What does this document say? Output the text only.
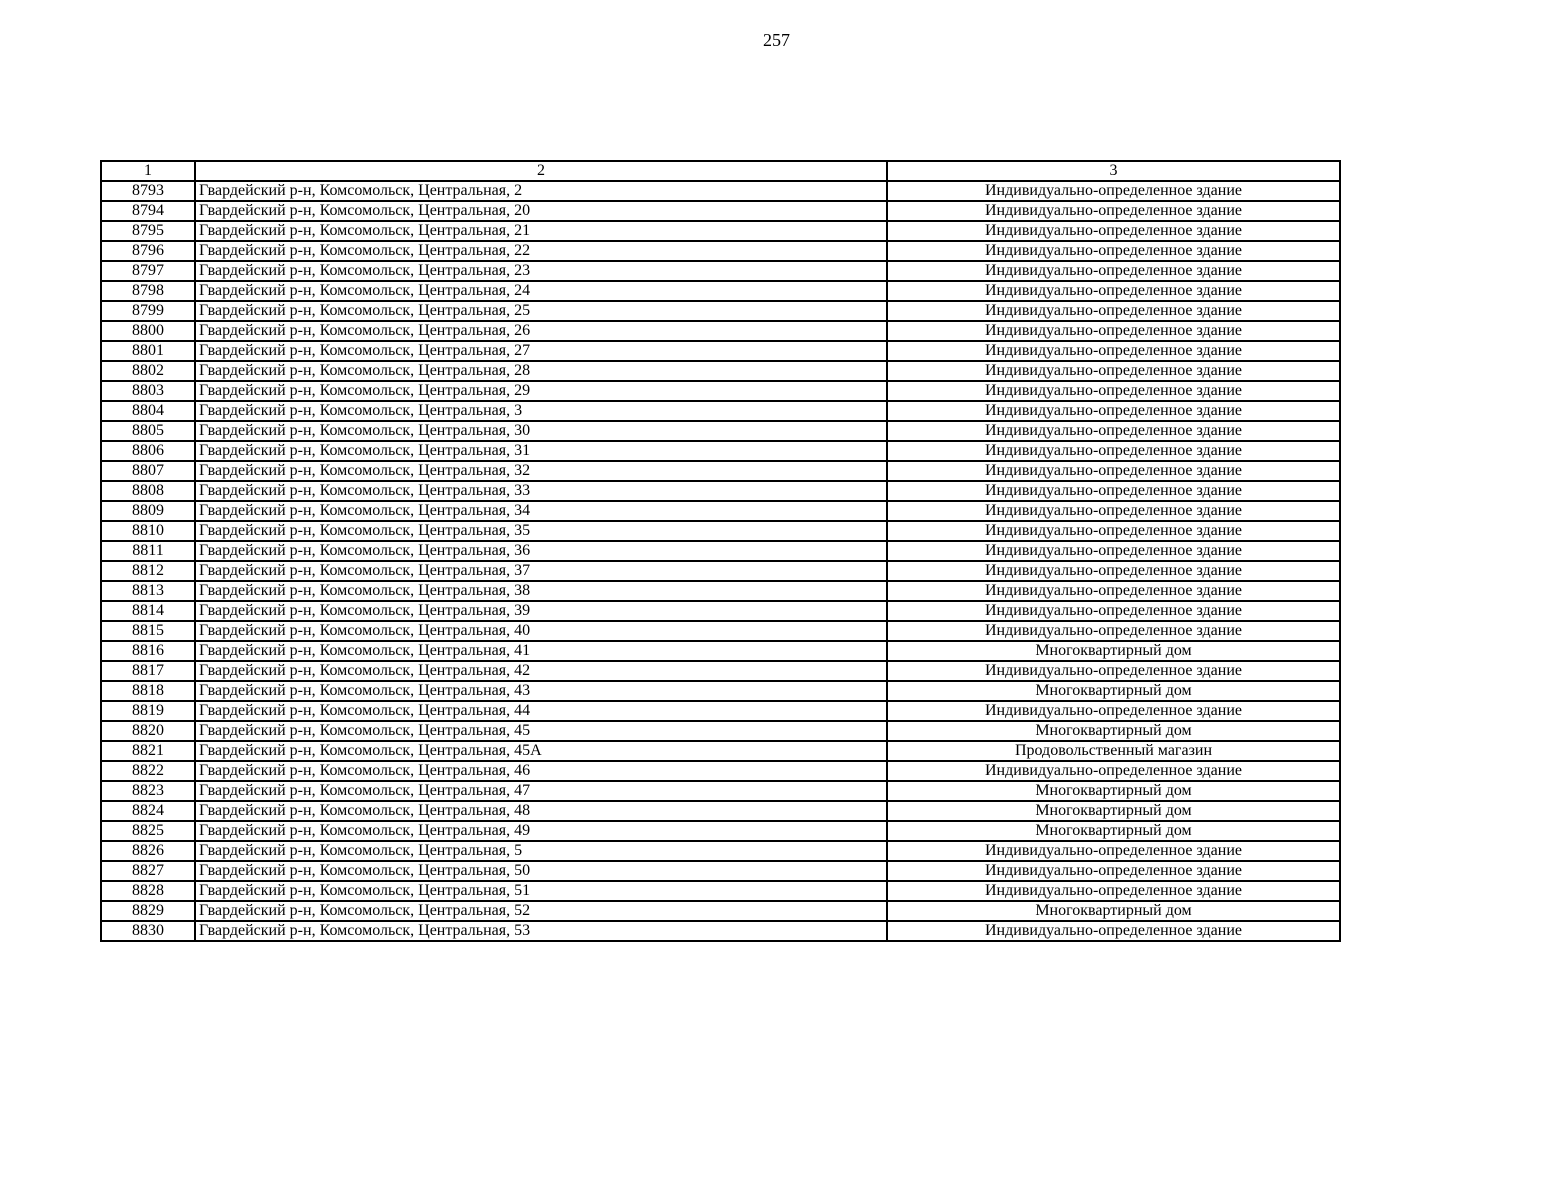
257
1	2	3
8793	Гвардейский р-н, Комсомольск, Центральная, 2	Индивидуально-определенное здание
8794	Гвардейский р-н, Комсомольск, Центральная, 20	Индивидуально-определенное здание
8795	Гвардейский р-н, Комсомольск, Центральная, 21	Индивидуально-определенное здание
8796	Гвардейский р-н, Комсомольск, Центральная, 22	Индивидуально-определенное здание
8797	Гвардейский р-н, Комсомольск, Центральная, 23	Индивидуально-определенное здание
8798	Гвардейский р-н, Комсомольск, Центральная, 24	Индивидуально-определенное здание
8799	Гвардейский р-н, Комсомольск, Центральная, 25	Индивидуально-определенное здание
8800	Гвардейский р-н, Комсомольск, Центральная, 26	Индивидуально-определенное здание
8801	Гвардейский р-н, Комсомольск, Центральная, 27	Индивидуально-определенное здание
8802	Гвардейский р-н, Комсомольск, Центральная, 28	Индивидуально-определенное здание
8803	Гвардейский р-н, Комсомольск, Центральная, 29	Индивидуально-определенное здание
8804	Гвардейский р-н, Комсомольск, Центральная, 3	Индивидуально-определенное здание
8805	Гвардейский р-н, Комсомольск, Центральная, 30	Индивидуально-определенное здание
8806	Гвардейский р-н, Комсомольск, Центральная, 31	Индивидуально-определенное здание
8807	Гвардейский р-н, Комсомольск, Центральная, 32	Индивидуально-определенное здание
8808	Гвардейский р-н, Комсомольск, Центральная, 33	Индивидуально-определенное здание
8809	Гвардейский р-н, Комсомольск, Центральная, 34	Индивидуально-определенное здание
8810	Гвардейский р-н, Комсомольск, Центральная, 35	Индивидуально-определенное здание
8811	Гвардейский р-н, Комсомольск, Центральная, 36	Индивидуально-определенное здание
8812	Гвардейский р-н, Комсомольск, Центральная, 37	Индивидуально-определенное здание
8813	Гвардейский р-н, Комсомольск, Центральная, 38	Индивидуально-определенное здание
8814	Гвардейский р-н, Комсомольск, Центральная, 39	Индивидуально-определенное здание
8815	Гвардейский р-н, Комсомольск, Центральная, 40	Индивидуально-определенное здание
8816	Гвардейский р-н, Комсомольск, Центральная, 41	Многоквартирный дом
8817	Гвардейский р-н, Комсомольск, Центральная, 42	Индивидуально-определенное здание
8818	Гвардейский р-н, Комсомольск, Центральная, 43	Многоквартирный дом
8819	Гвардейский р-н, Комсомольск, Центральная, 44	Индивидуально-определенное здание
8820	Гвардейский р-н, Комсомольск, Центральная, 45	Многоквартирный дом
8821	Гвардейский р-н, Комсомольск, Центральная, 45А	Продовольственный магазин
8822	Гвардейский р-н, Комсомольск, Центральная, 46	Индивидуально-определенное здание
8823	Гвардейский р-н, Комсомольск, Центральная, 47	Многоквартирный дом
8824	Гвардейский р-н, Комсомольск, Центральная, 48	Многоквартирный дом
8825	Гвардейский р-н, Комсомольск, Центральная, 49	Многоквартирный дом
8826	Гвардейский р-н, Комсомольск, Центральная, 5	Индивидуально-определенное здание
8827	Гвардейский р-н, Комсомольск, Центральная, 50	Индивидуально-определенное здание
8828	Гвардейский р-н, Комсомольск, Центральная, 51	Индивидуально-определенное здание
8829	Гвардейский р-н, Комсомольск, Центральная, 52	Многоквартирный дом
8830	Гвардейский р-н, Комсомольск, Центральная, 53	Индивидуально-определенное здание
